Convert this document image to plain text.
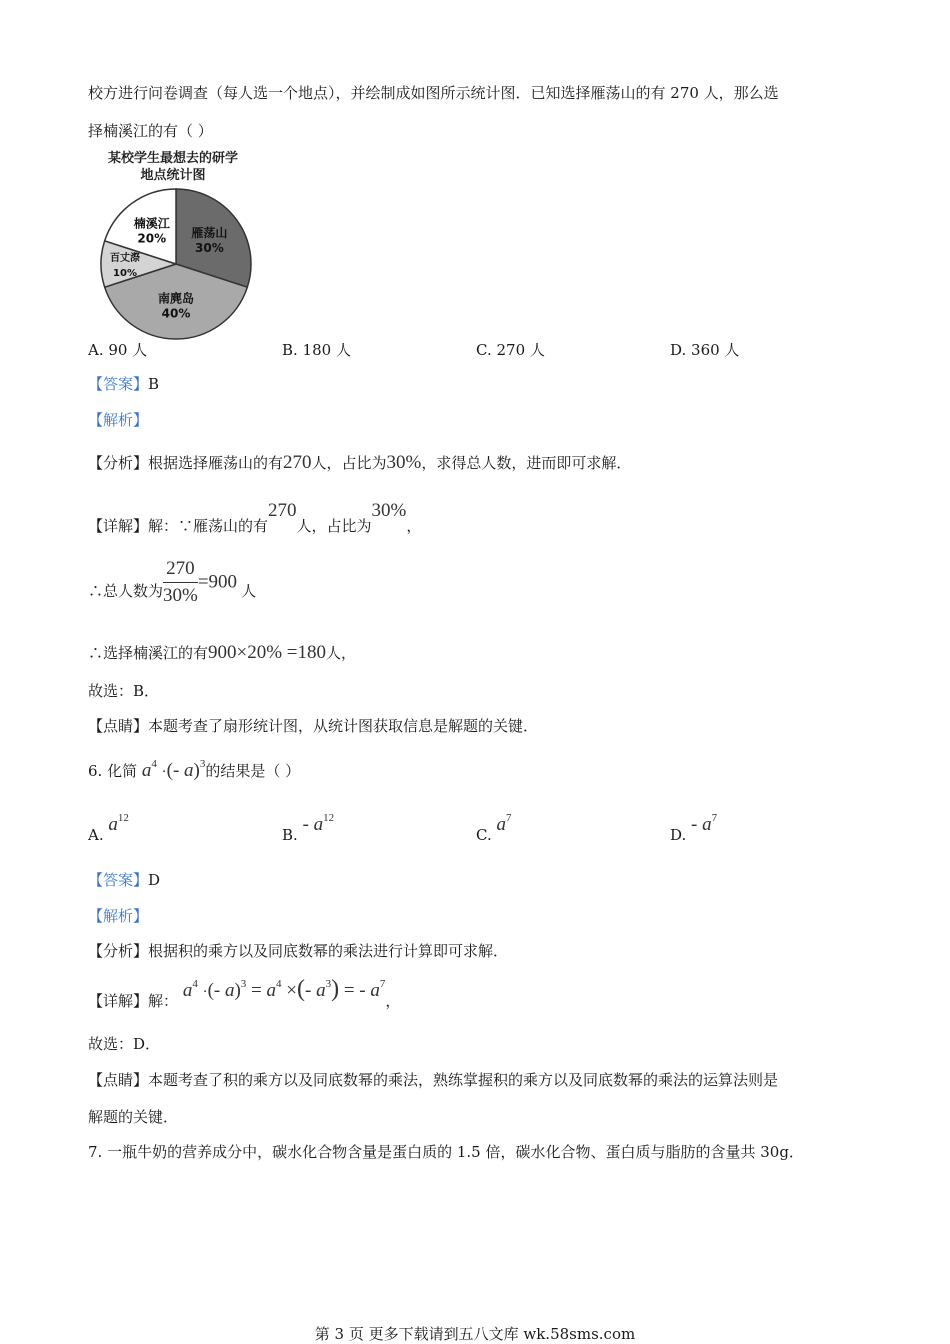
校方进行问卷调查（每人选一个地点），并绘制成如图所示统计图．已知选择雁荡山的有 270 人，那么选
择楠溪江的有（ ）
某校学生最想去的研学
地点统计图
雁荡山
30%
南麂岛
40%
百丈漈
10%
楠溪江
20%
A. 90 人	B. 180 人	C. 270 人	D. 360 人
【答案】B
【解析】
【分析】根据选择雁荡山的有270人，占比为30%，求得总人数，进而即可求解．
【详解】解：∵雁荡山的有270人，占比为30%，
∴总人数为 $\frac{270}{30\%} =900$ 人
∴选择楠溪江的有900×20% =180人，
故选：B．
【点睛】本题考查了扇形统计图，从统计图获取信息是解题的关键．
6. 化简 $a^4$ ·(- a)$^3$的结果是（ ）
A. $a^{12}$
B. - $a^{12}$
C. $a^7$
D. - $a^7$
【答案】D
【解析】
【分析】根据积的乘方以及同底数幂的乘法进行计算即可求解．
【详解】解： $a^4$ ·(- $a)^3 = a^4$ ×(- $a^3$) = - $a^7$，
故选：D．
【点睛】本题考查了积的乘方以及同底数幂的乘法，熟练掌握积的乘方以及同底数幂的乘法的运算法则是
解题的关键．
7. 一瓶牛奶的营养成分中，碳水化合物含量是蛋白质的 1.5 倍，碳水化合物、蛋白质与脂肪的含量共 30g．
第 3 页 更多下载请到五八文库 wk.58sms.com
